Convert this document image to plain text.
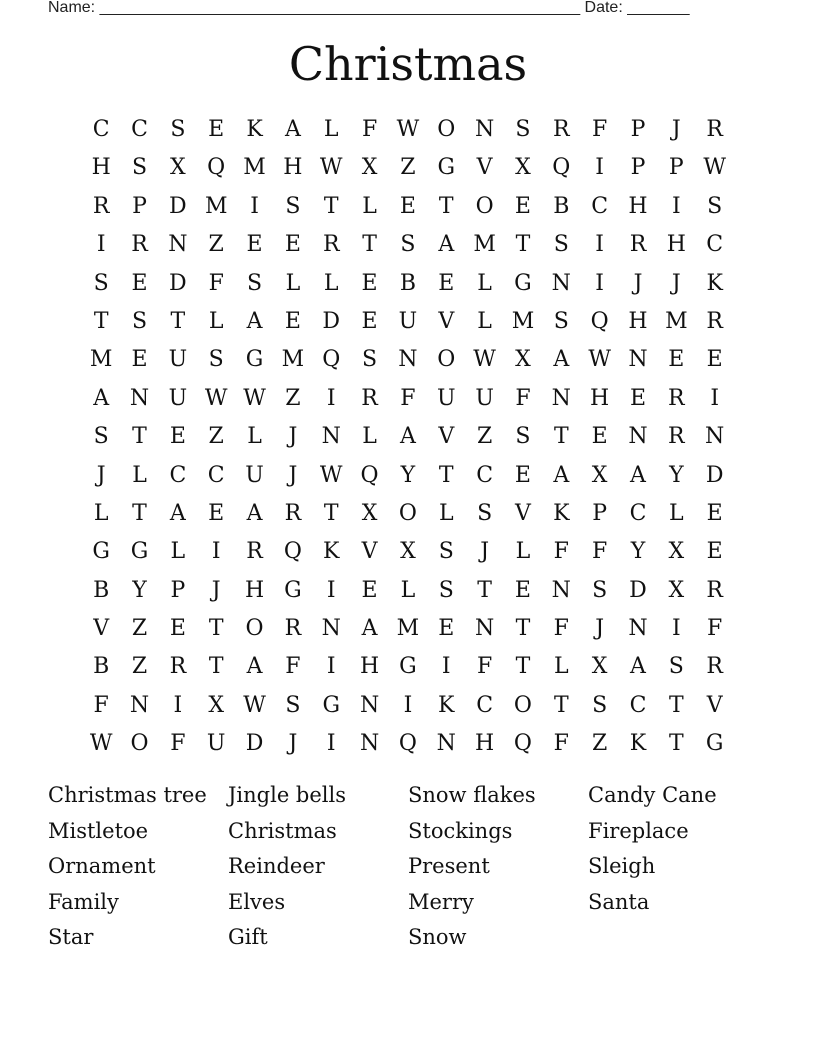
Name: ______________________________________________________ Date: _______
Christmas
C C	S	E	K	A	L	F W O N S	R	F	P	J	R
H S	X Q M H W X	Z G V	X Q	I	P	P W
R	P	D M	I	S	T	L	E	T O E	B C H	I	S
I	R N Z	E	E	R	T	S	A M T	S	I	R H C
S	E D F	S	L	L	E	B	E	L	G N	I	J	J	K
T	S	T	L	A	E D E U V	L M S Q H M R
M E U S	G M Q S N O W X	A W N E	E
A N U W W Z	I	R	F U U F N H E	R	I
S	T	E	Z	L	J	N L	A	V	Z	S	T	E N R N
J	L	C C U	J	W Q	Y	T	C E	A	X	A	Y	D
L	T	A	E	A	R	T	X O	L	S	V	K	P	C	L	E
G G	L	I	R Q K	V	X	S	J	L	F	F	Y	X	E
B	Y	P	J	H G	I	E	L	S	T	E N S D X	R
V	Z	E	T O R N A M E N T	F	J	N	I	F
B	Z	R	T	A	F	I	H G	I	F	T	L	X	A	S	R
F N	I	X W S	G N	I	K C O T	S	C	T	V
W O F U D	J	I	N Q N H Q F	Z	K	T	G
Christmas tree	Jingle bells	Snow flakes	Candy Cane
Mistletoe	Christmas	Stockings	Fireplace
Ornament	Reindeer	Present	Sleigh
Family	Elves	Merry	Santa
Star	Gift	Snow
